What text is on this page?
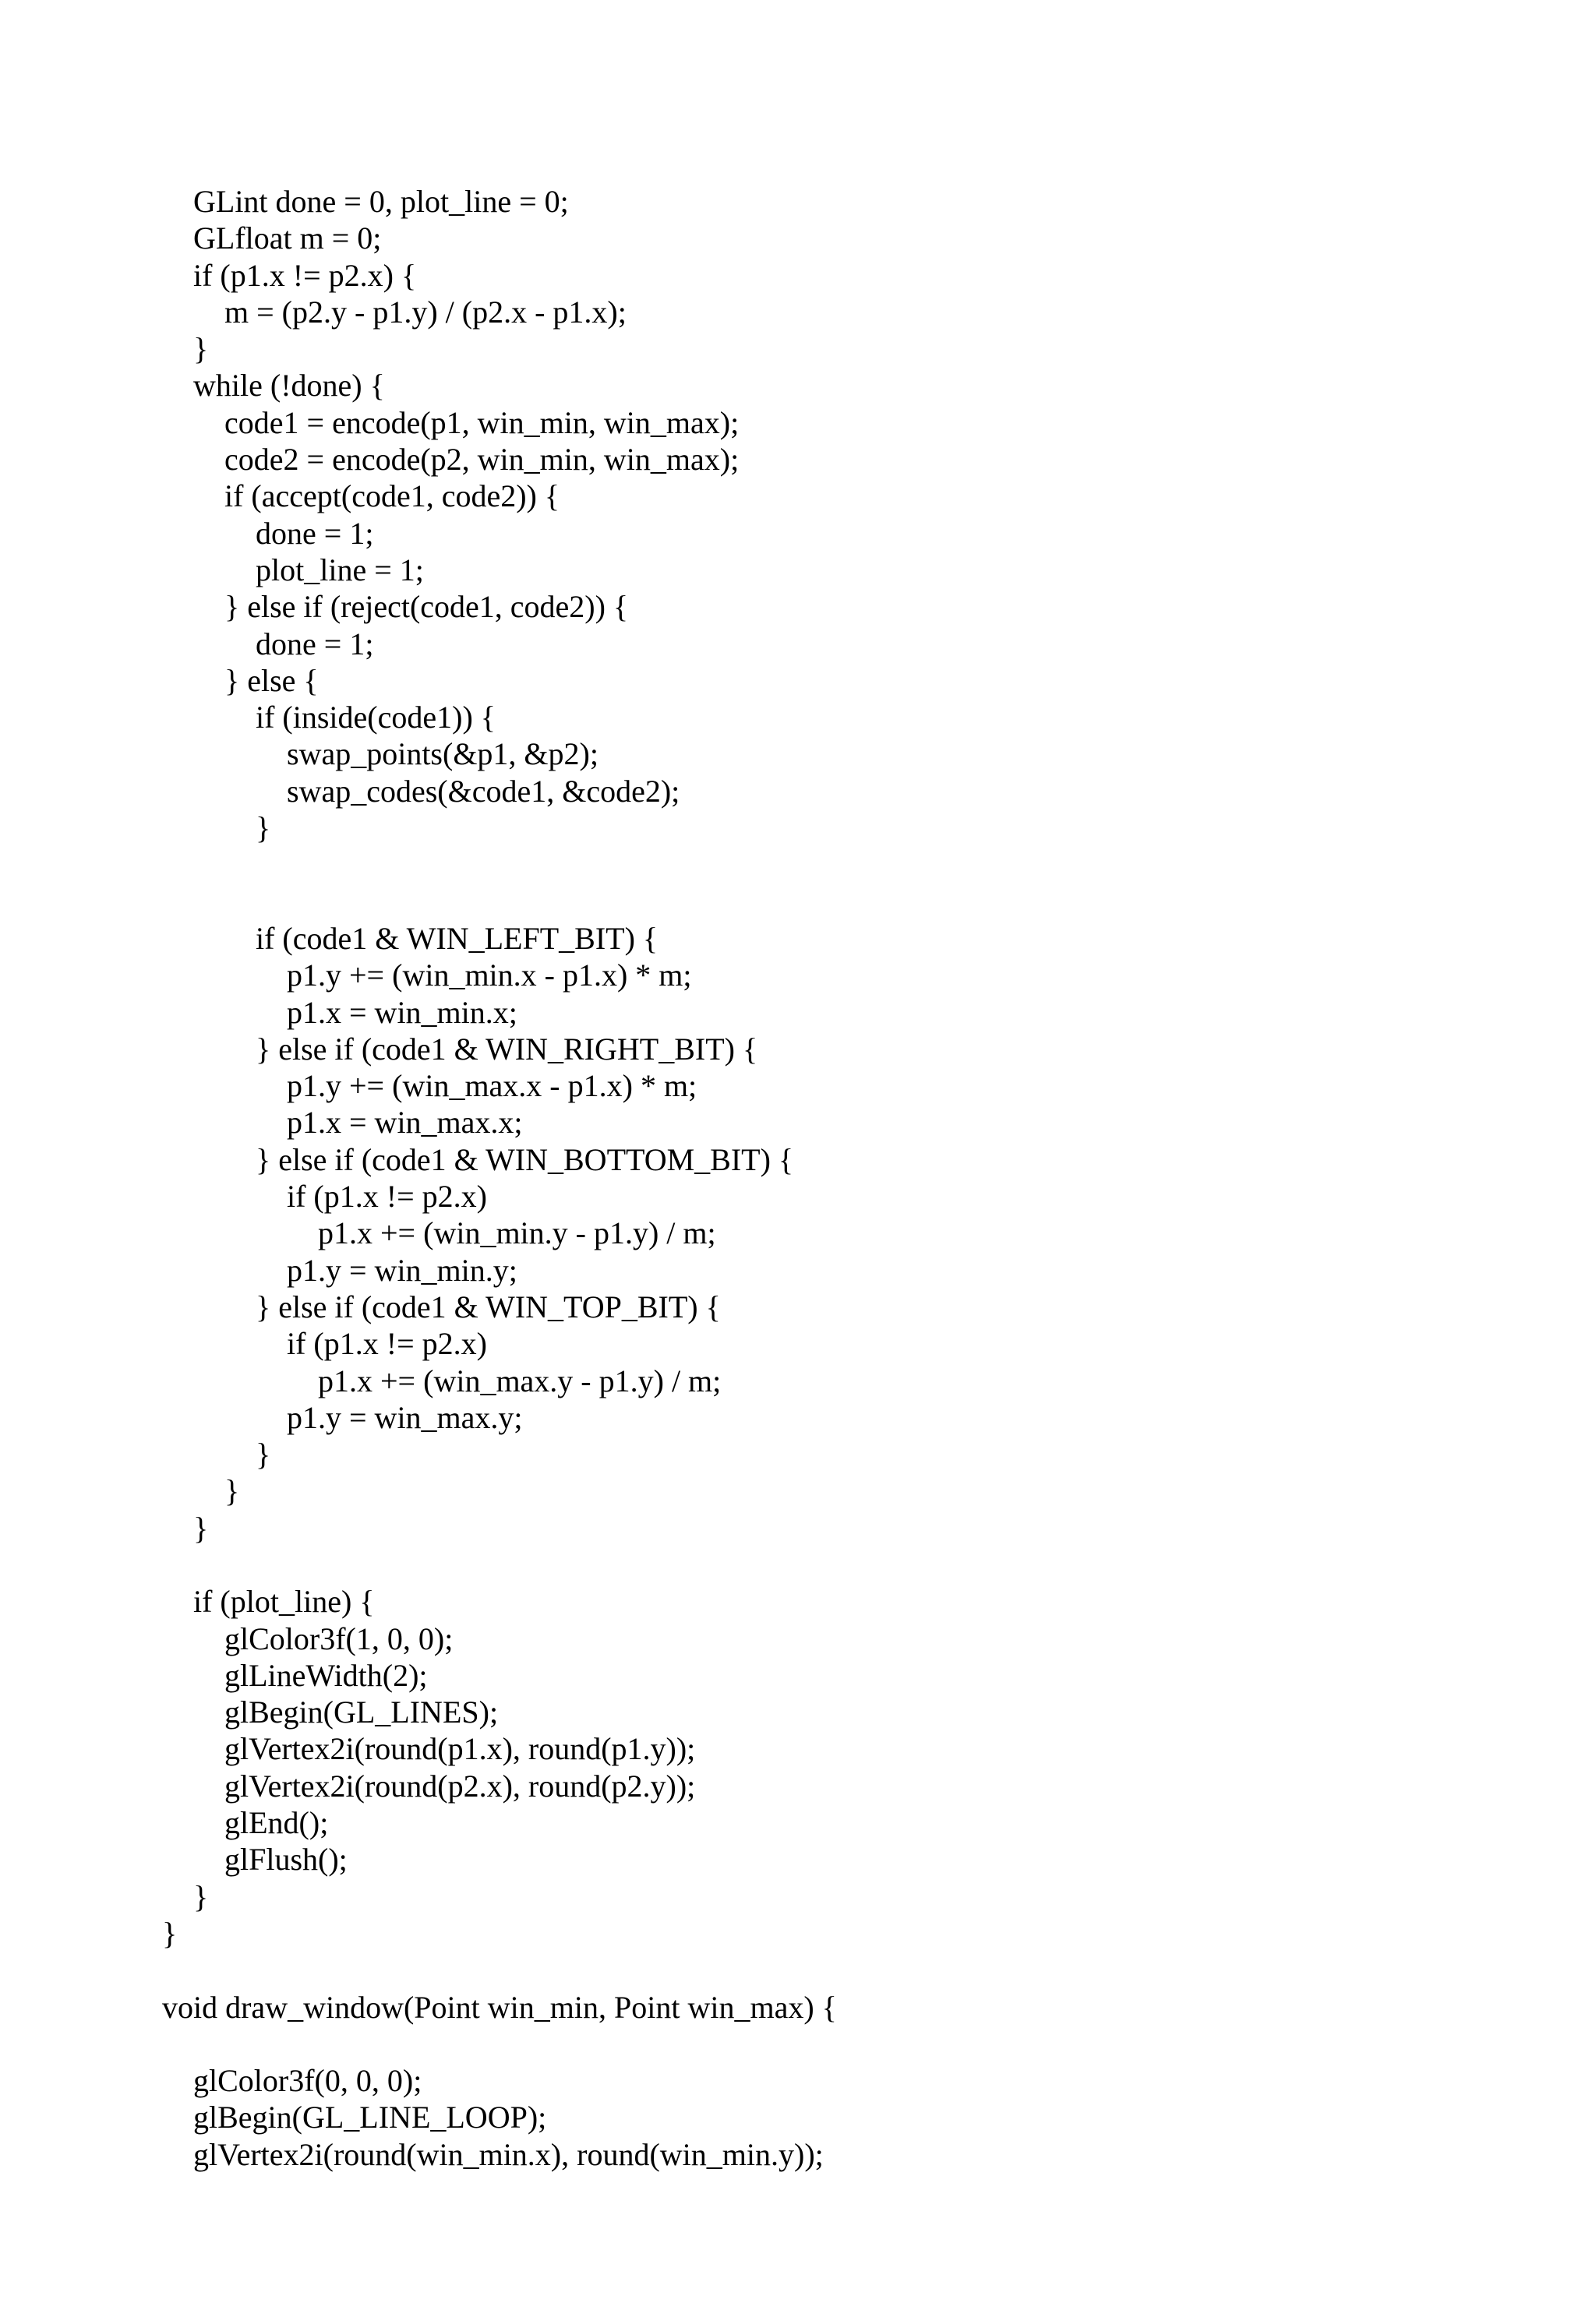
GLint done = 0, plot_line = 0;
GLfloat m = 0;
if (p1.x != p2.x) {
m = (p2.y - p1.y) / (p2.x - p1.x);
}
while (!done) {
code1 = encode(p1, win_min, win_max);
code2 = encode(p2, win_min, win_max);
if (accept(code1, code2)) {
done = 1;
plot_line = 1;
} else if (reject(code1, code2)) {
done = 1;
} else {
if (inside(code1)) {
swap_points(&p1, &p2);
swap_codes(&code1, &code2);
}
if (code1 & WIN_LEFT_BIT) {
p1.y += (win_min.x - p1.x) * m;
p1.x = win_min.x;
} else if (code1 & WIN_RIGHT_BIT) {
p1.y += (win_max.x - p1.x) * m;
p1.x = win_max.x;
} else if (code1 & WIN_BOTTOM_BIT) {
if (p1.x != p2.x)
p1.x += (win_min.y - p1.y) / m;
p1.y = win_min.y;
} else if (code1 & WIN_TOP_BIT) {
if (p1.x != p2.x)
p1.x += (win_max.y - p1.y) / m;
p1.y = win_max.y;
}
}
}
if (plot_line) {
glColor3f(1, 0, 0);
glLineWidth(2);
glBegin(GL_LINES);
glVertex2i(round(p1.x), round(p1.y));
glVertex2i(round(p2.x), round(p2.y));
glEnd();
glFlush();
}
}
void draw_window(Point win_min, Point win_max) {
glColor3f(0, 0, 0);
glBegin(GL_LINE_LOOP);
glVertex2i(round(win_min.x), round(win_min.y));
